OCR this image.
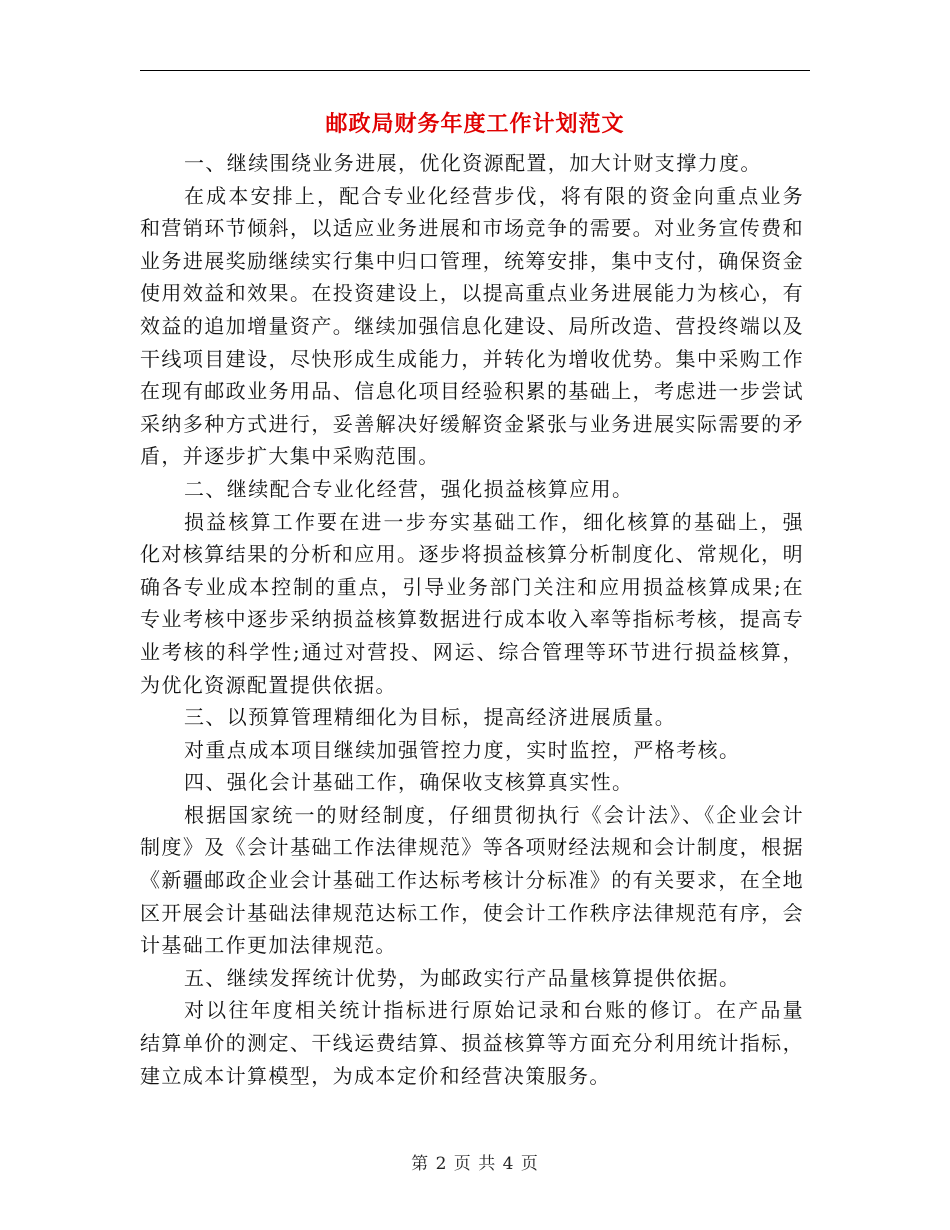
邮政局财务年度工作计划范文

一、继续围绕业务进展，优化资源配置，加大计财支撑力度。

在成本安排上，配合专业化经营步伐，将有限的资金向重点业务和营销环节倾斜，以适应业务进展和市场竞争的需要。对业务宣传费和业务进展奖励继续实行集中归口管理，统筹安排，集中支付，确保资金使用效益和效果。在投资建设上，以提高重点业务进展能力为核心，有效益的追加增量资产。继续加强信息化建设、局所改造、营投终端以及干线项目建设，尽快形成生成能力，并转化为增收优势。集中采购工作在现有邮政业务用品、信息化项目经验积累的基础上，考虑进一步尝试采纳多种方式进行，妥善解决好缓解资金紧张与业务进展实际需要的矛盾，并逐步扩大集中采购范围。

二、继续配合专业化经营，强化损益核算应用。

损益核算工作要在进一步夯实基础工作，细化核算的基础上，强化对核算结果的分析和应用。逐步将损益核算分析制度化、常规化，明确各专业成本控制的重点，引导业务部门关注和应用损益核算成果;在专业考核中逐步采纳损益核算数据进行成本收入率等指标考核，提高专业考核的科学性;通过对营投、网运、综合管理等环节进行损益核算，为优化资源配置提供依据。

三、以预算管理精细化为目标，提高经济进展质量。

对重点成本项目继续加强管控力度，实时监控，严格考核。

四、强化会计基础工作，确保收支核算真实性。

根据国家统一的财经制度，仔细贯彻执行《会计法》、《企业会计制度》及《会计基础工作法律规范》等各项财经法规和会计制度，根据《新疆邮政企业会计基础工作达标考核计分标准》的有关要求，在全地区开展会计基础法律规范达标工作，使会计工作秩序法律规范有序，会计基础工作更加法律规范。

五、继续发挥统计优势，为邮政实行产品量核算提供依据。

对以往年度相关统计指标进行原始记录和台账的修订。在产品量结算单价的测定、干线运费结算、损益核算等方面充分利用统计指标，建立成本计算模型，为成本定价和经营决策服务。

第 2 页 共 4 页
